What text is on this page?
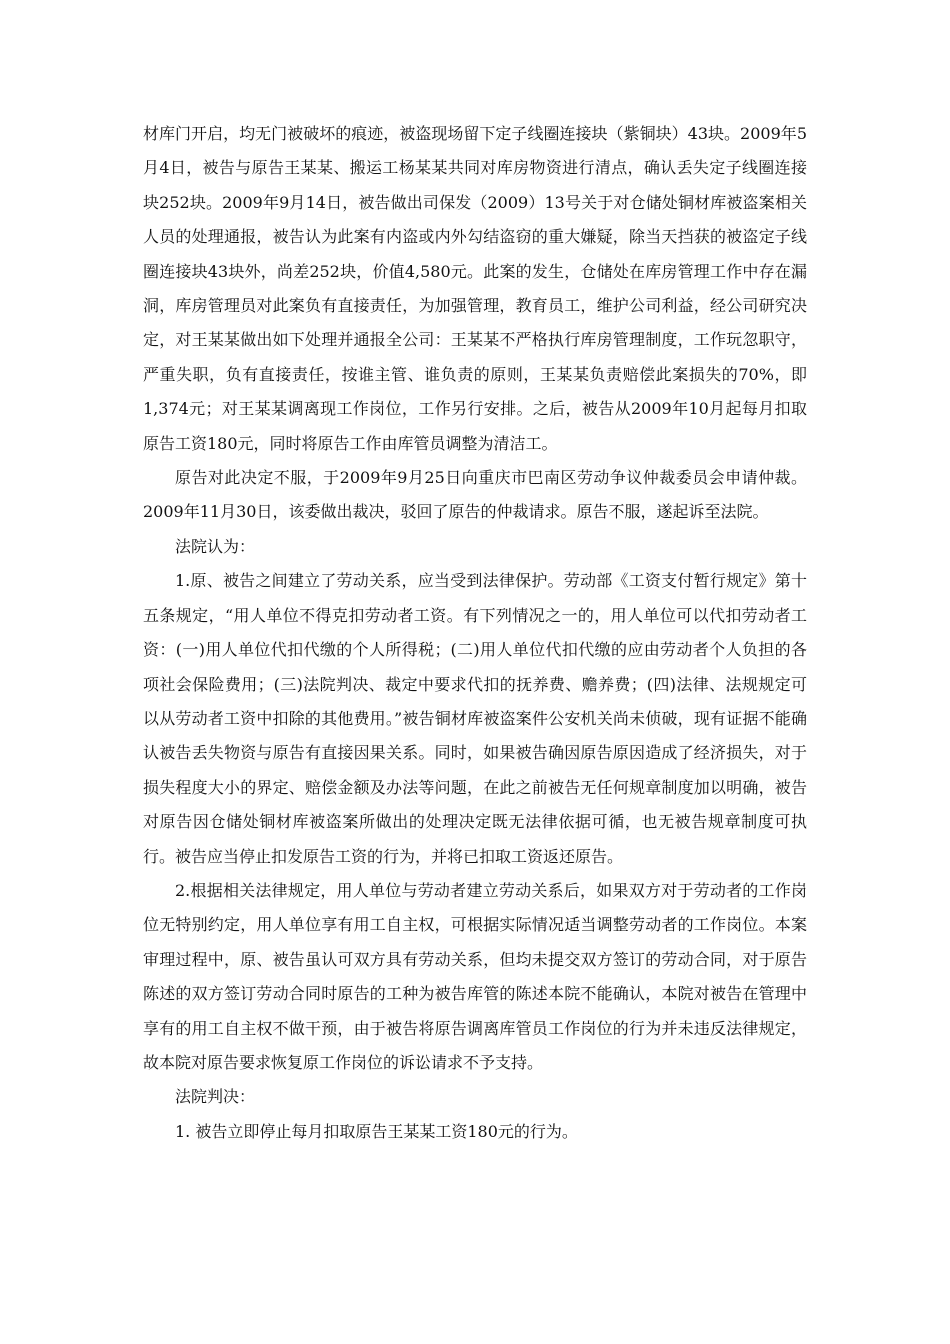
材库门开启，均无门被破坏的痕迹，被盗现场留下定子线圈连接块（紫铜块）43块。2009年5月4日，被告与原告王某某、搬运工杨某某共同对库房物资进行清点，确认丢失定子线圈连接块252块。2009年9月14日，被告做出司保发（2009）13号关于对仓储处铜材库被盗案相关人员的处理通报，被告认为此案有内盗或内外勾结盗窃的重大嫌疑，除当天挡获的被盗定子线圈连接块43块外，尚差252块，价值4,580元。此案的发生，仓储处在库房管理工作中存在漏洞，库房管理员对此案负有直接责任，为加强管理，教育员工，维护公司利益，经公司研究决定，对王某某做出如下处理并通报全公司：王某某不严格执行库房管理制度，工作玩忽职守，严重失职，负有直接责任，按谁主管、谁负责的原则，王某某负责赔偿此案损失的70%，即1,374元；对王某某调离现工作岗位，工作另行安排。之后，被告从2009年10月起每月扣取原告工资180元，同时将原告工作由库管员调整为清洁工。

原告对此决定不服，于2009年9月25日向重庆市巴南区劳动争议仲裁委员会申请仲裁。2009年11月30日，该委做出裁决，驳回了原告的仲裁请求。原告不服，遂起诉至法院。

法院认为：

1.原、被告之间建立了劳动关系，应当受到法律保护。劳动部《工资支付暂行规定》第十五条规定，“用人单位不得克扣劳动者工资。有下列情况之一的，用人单位可以代扣劳动者工资：(一)用人单位代扣代缴的个人所得税；(二)用人单位代扣代缴的应由劳动者个人负担的各项社会保险费用；(三)法院判决、裁定中要求代扣的抚养费、赡养费；(四)法律、法规规定可以从劳动者工资中扣除的其他费用。”被告铜材库被盗案件公安机关尚未侦破，现有证据不能确认被告丢失物资与原告有直接因果关系。同时，如果被告确因原告原因造成了经济损失，对于损失程度大小的界定、赔偿金额及办法等问题，在此之前被告无任何规章制度加以明确，被告对原告因仓储处铜材库被盗案所做出的处理决定既无法律依据可循，也无被告规章制度可执行。被告应当停止扣发原告工资的行为，并将已扣取工资返还原告。

2.根据相关法律规定，用人单位与劳动者建立劳动关系后，如果双方对于劳动者的工作岗位无特别约定，用人单位享有用工自主权，可根据实际情况适当调整劳动者的工作岗位。本案审理过程中，原、被告虽认可双方具有劳动关系，但均未提交双方签订的劳动合同，对于原告陈述的双方签订劳动合同时原告的工种为被告库管的陈述本院不能确认，本院对被告在管理中享有的用工自主权不做干预，由于被告将原告调离库管员工作岗位的行为并未违反法律规定，故本院对原告要求恢复原工作岗位的诉讼请求不予支持。

法院判决：

1. 被告立即停止每月扣取原告王某某工资180元的行为。
